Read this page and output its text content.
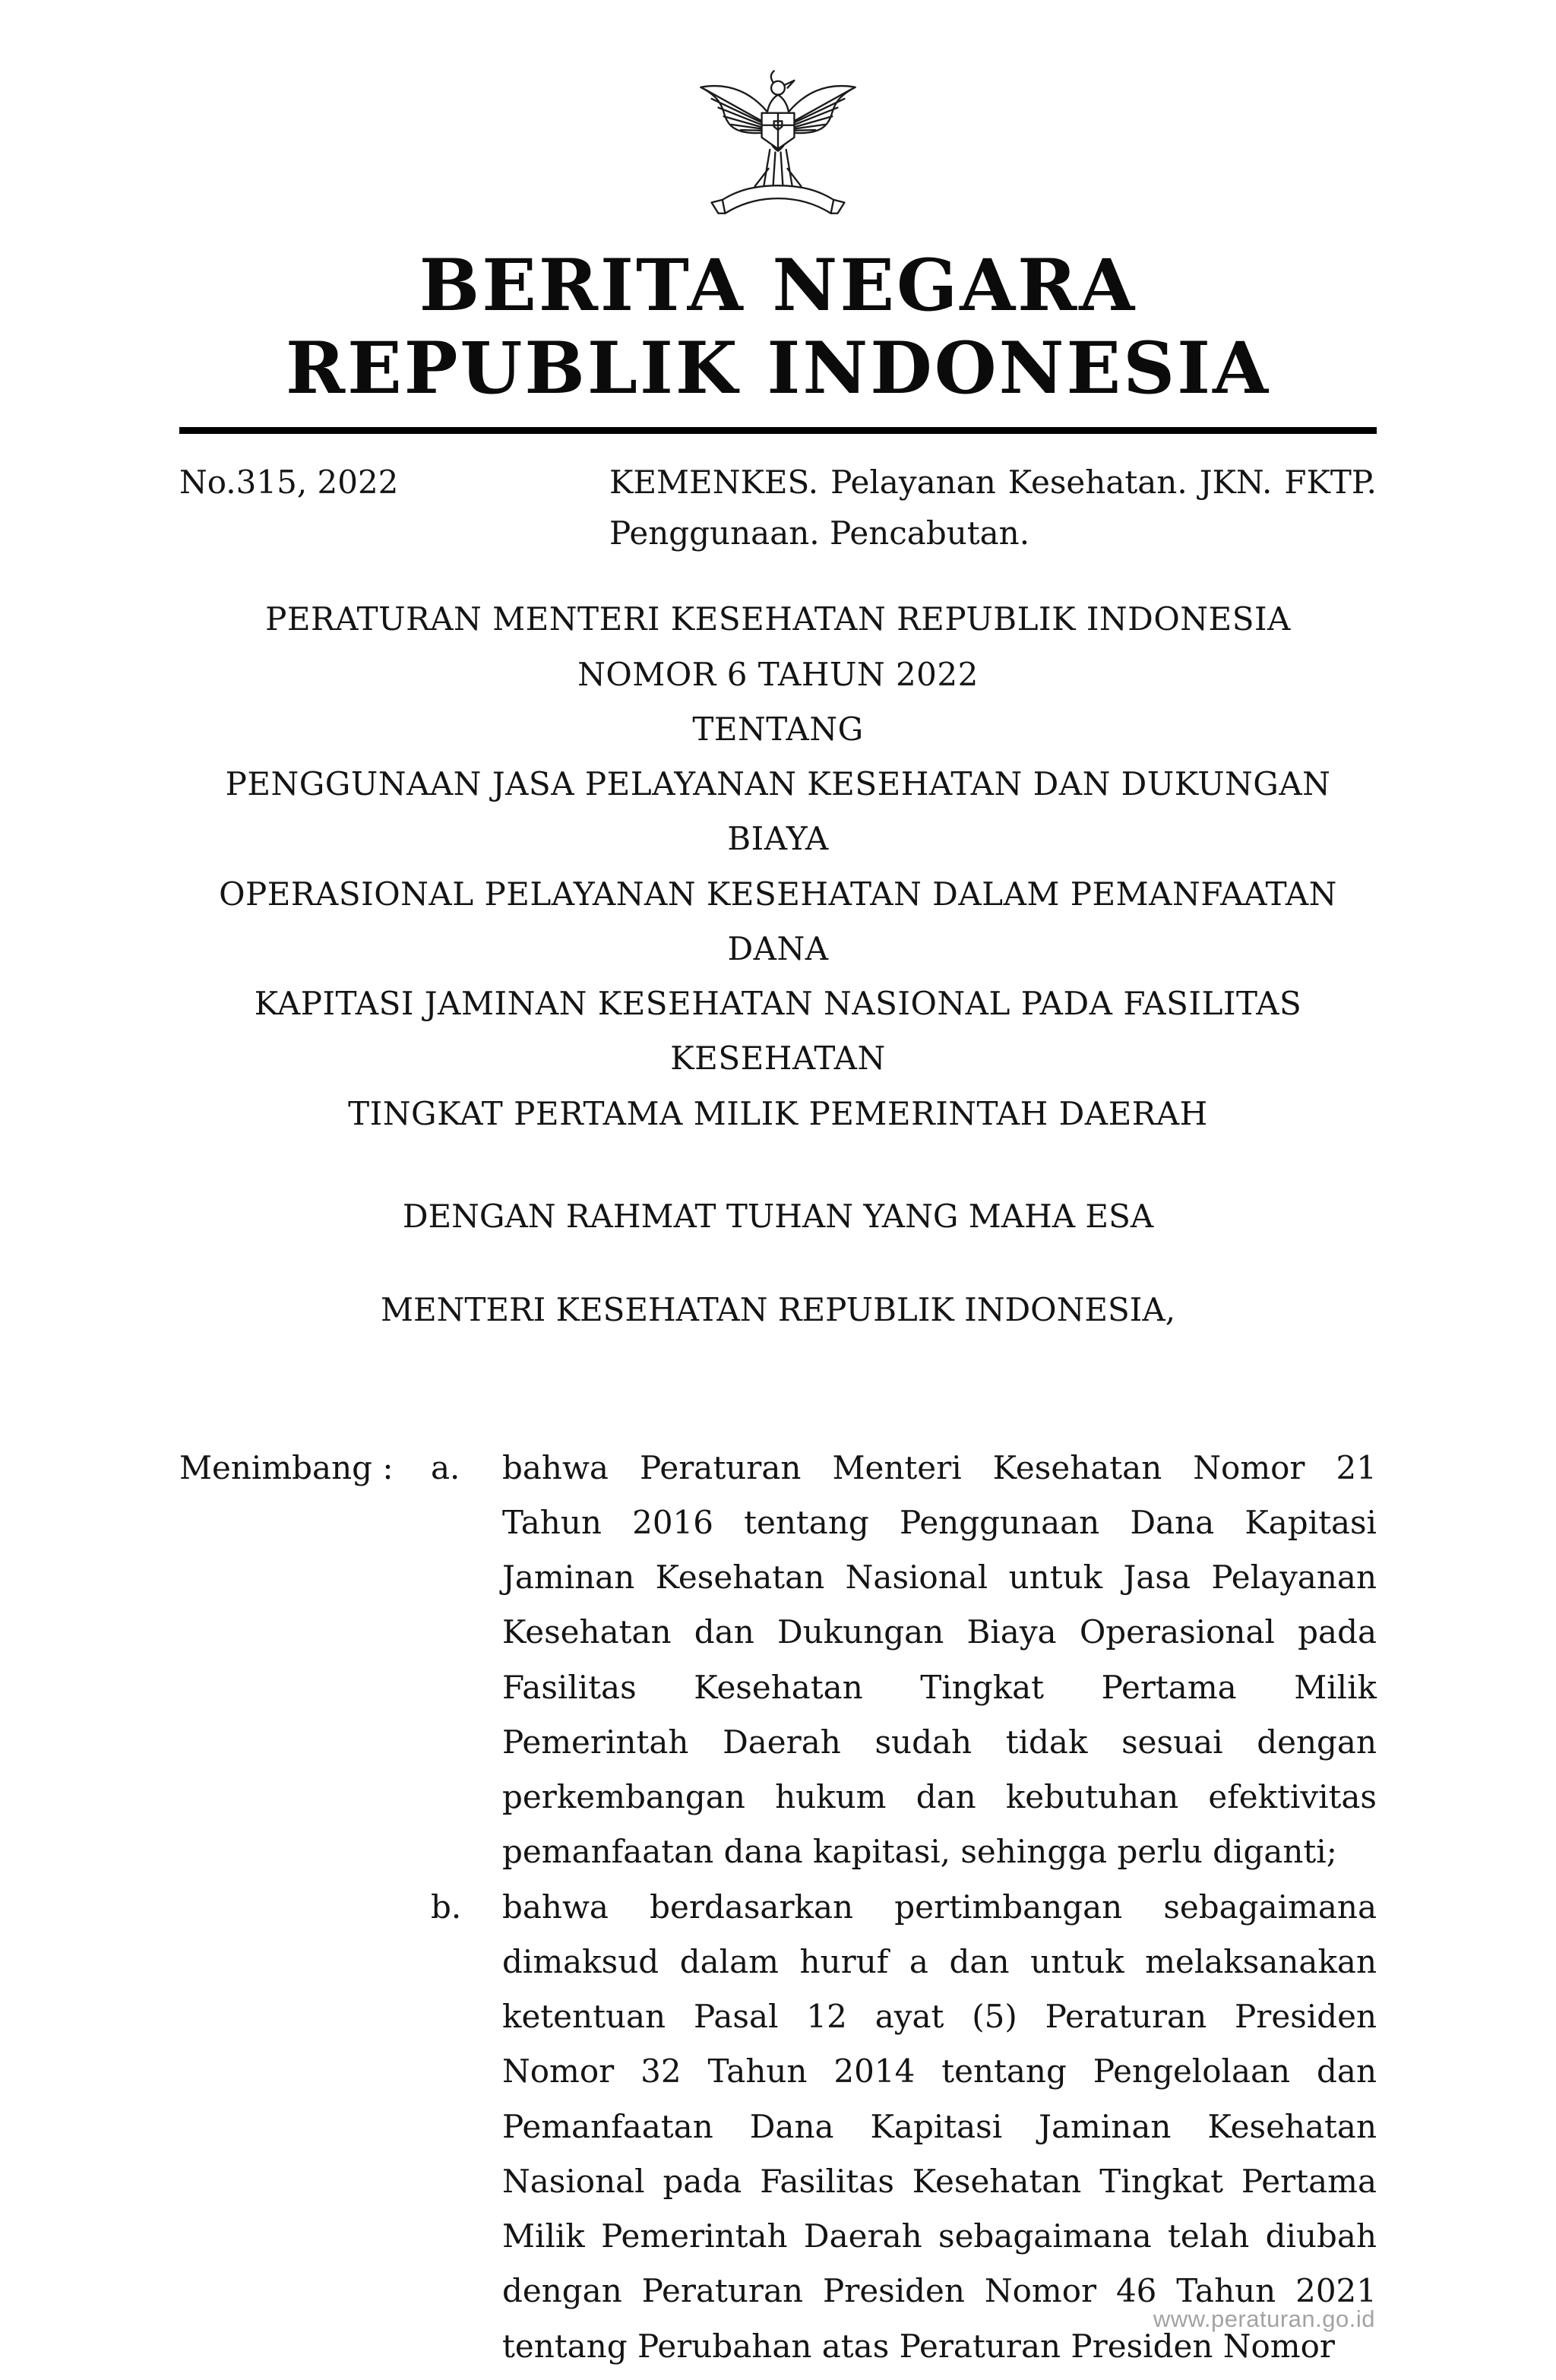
BERITA NEGARA
REPUBLIK INDONESIA
No.315, 2022	KEMENKES. Pelayanan Kesehatan. JKN. FKTP. Penggunaan. Pencabutan.
PERATURAN MENTERI KESEHATAN REPUBLIK INDONESIA
NOMOR 6 TAHUN 2022
TENTANG
PENGGUNAAN JASA PELAYANAN KESEHATAN DAN DUKUNGAN BIAYA
OPERASIONAL PELAYANAN KESEHATAN DALAM PEMANFAATAN DANA
KAPITASI JAMINAN KESEHATAN NASIONAL PADA FASILITAS KESEHATAN
TINGKAT PERTAMA MILIK PEMERINTAH DAERAH
DENGAN RAHMAT TUHAN YANG MAHA ESA
MENTERI KESEHATAN REPUBLIK INDONESIA,
Menimbang :	a.	bahwa Peraturan Menteri Kesehatan Nomor 21 Tahun 2016 tentang Penggunaan Dana Kapitasi Jaminan Kesehatan Nasional untuk Jasa Pelayanan Kesehatan dan Dukungan Biaya Operasional pada Fasilitas Kesehatan Tingkat Pertama Milik Pemerintah Daerah sudah tidak sesuai dengan perkembangan hukum dan kebutuhan efektivitas pemanfaatan dana kapitasi, sehingga perlu diganti;
b.	bahwa berdasarkan pertimbangan sebagaimana dimaksud dalam huruf a dan untuk melaksanakan ketentuan Pasal 12 ayat (5) Peraturan Presiden Nomor 32 Tahun 2014 tentang Pengelolaan dan Pemanfaatan Dana Kapitasi Jaminan Kesehatan Nasional pada Fasilitas Kesehatan Tingkat Pertama Milik Pemerintah Daerah sebagaimana telah diubah dengan Peraturan Presiden Nomor 46 Tahun 2021 tentang Perubahan atas Peraturan Presiden Nomor
www.peraturan.go.id
